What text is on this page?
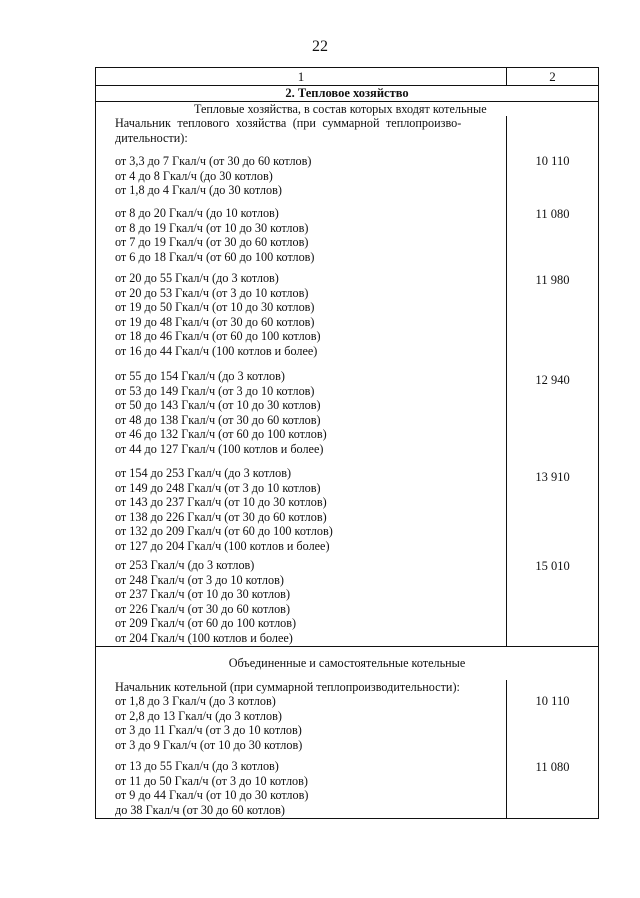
22
1	2
2. Тепловое хозяйство
Тепловые хозяйства, в состав которых входят котельные
Начальник теплового хозяйства (при суммарной теплопроизво-
дительности):
от 3,3 до 7 Гкал/ч (от 30 до 60 котлов)
от 4 до 8 Гкал/ч (до 30 котлов)
от 1,8 до 4 Гкал/ч (до 30 котлов)
10 110
от 8 до 20 Гкал/ч (до 10 котлов)
от 8 до 19 Гкал/ч (от 10 до 30 котлов)
от 7 до 19 Гкал/ч (от 30 до 60 котлов)
от 6 до 18 Гкал/ч (от 60 до 100 котлов)
11 080
от 20 до 55 Гкал/ч (до 3 котлов)
от 20 до 53 Гкал/ч (от 3 до 10 котлов)
от 19 до 50 Гкал/ч (от 10 до 30 котлов)
от 19 до 48 Гкал/ч (от 30 до 60 котлов)
от 18 до 46 Гкал/ч (от 60 до 100 котлов)
от 16 до 44 Гкал/ч (100 котлов и более)
11 980
от 55 до 154 Гкал/ч (до 3 котлов)
от 53 до 149 Гкал/ч (от 3 до 10 котлов)
от 50 до 143 Гкал/ч (от 10 до 30 котлов)
от 48 до 138 Гкал/ч (от 30 до 60 котлов)
от 46 до 132 Гкал/ч (от 60 до 100 котлов)
от 44 до 127 Гкал/ч (100 котлов и более)
12 940
от 154 до 253 Гкал/ч (до 3 котлов)
от 149 до 248 Гкал/ч (от 3 до 10 котлов)
от 143 до 237 Гкал/ч (от 10 до 30 котлов)
от 138 до 226 Гкал/ч (от 30 до 60 котлов)
от 132 до 209 Гкал/ч (от 60 до 100 котлов)
от 127 до 204 Гкал/ч (100 котлов и более)
13 910
от 253 Гкал/ч (до 3 котлов)
от 248 Гкал/ч (от 3 до 10 котлов)
от 237 Гкал/ч (от 10 до 30 котлов)
от 226 Гкал/ч (от 30 до 60 котлов)
от 209 Гкал/ч (от 60 до 100 котлов)
от 204 Гкал/ч (100 котлов и более)
15 010
Объединенные и самостоятельные котельные
Начальник котельной (при суммарной теплопроизводительности):
от 1,8 до 3 Гкал/ч (до 3 котлов)
от 2,8 до 13 Гкал/ч (до 3 котлов)
от 3 до 11 Гкал/ч (от 3 до 10 котлов)
от 3 до 9 Гкал/ч (от 10 до 30 котлов)
10 110
от 13 до 55 Гкал/ч (до 3 котлов)
от 11 до 50 Гкал/ч (от 3 до 10 котлов)
от 9 до 44 Гкал/ч (от 10 до 30 котлов)
до 38 Гкал/ч (от 30 до 60 котлов)
11 080
